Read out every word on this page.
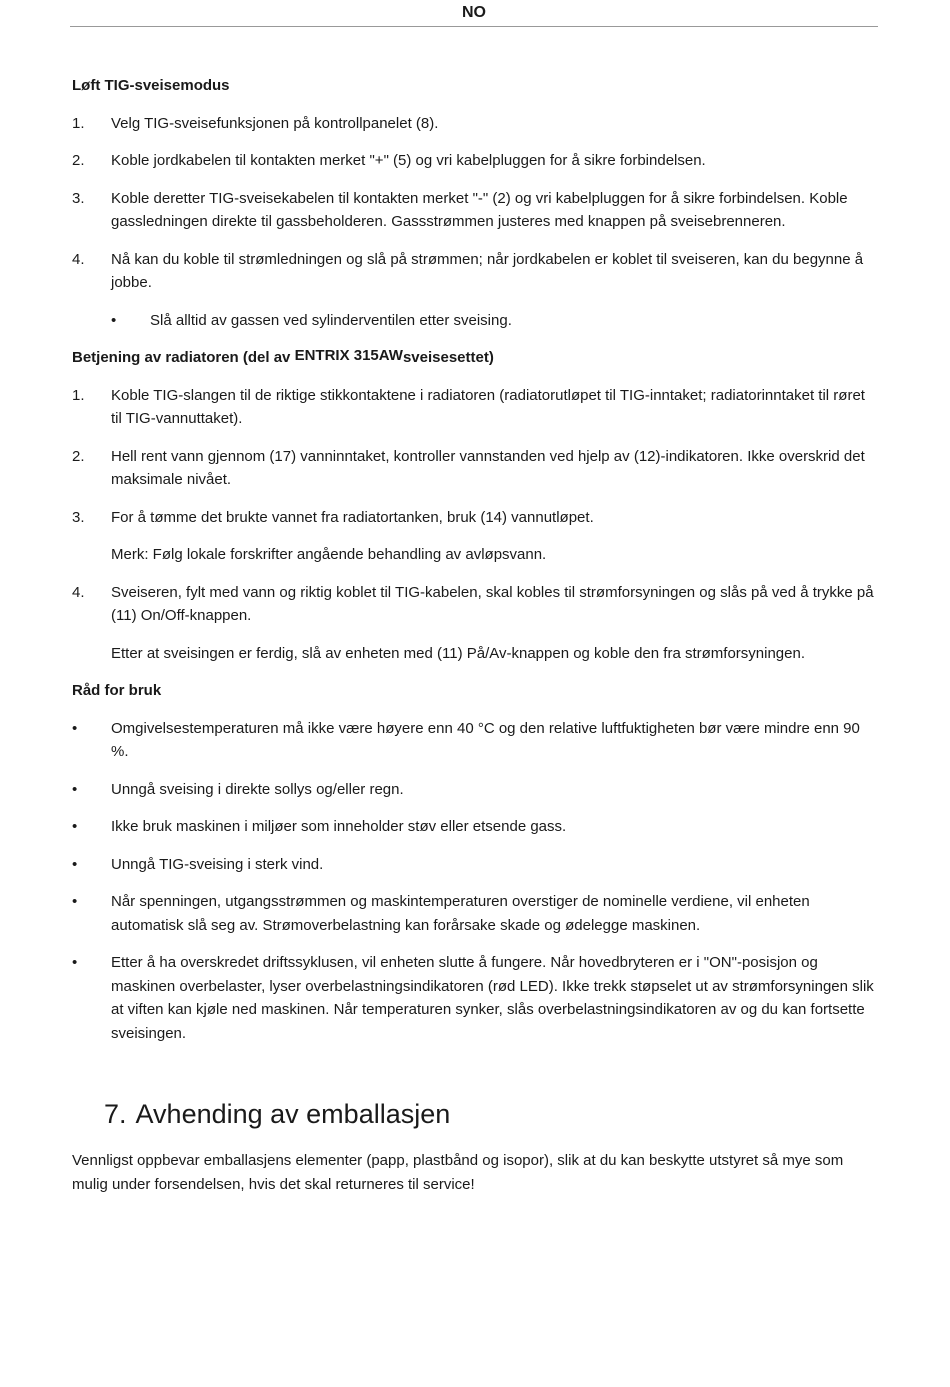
NO
Løft TIG-sveisemodus
1. Velg TIG-sveisefunksjonen på kontrollpanelet (8).
2. Koble jordkabelen til kontakten merket "+" (5) og vri kabelpluggen for å sikre forbindelsen.
3. Koble deretter TIG-sveisekabelen til kontakten merket "-" (2) og vri kabelpluggen for å sikre forbindelsen. Koble gassledningen direkte til gassbeholderen. Gassstrømmen justeres med knappen på sveisebrenneren.
4. Nå kan du koble til strømledningen og slå på strømmen; når jordkabelen er koblet til sveiseren, kan du begynne å jobbe.
• Slå alltid av gassen ved sylinderventilen etter sveising.
Betjening av radiatoren (del av ENTRIX 315AWsveisesettet)
1. Koble TIG-slangen til de riktige stikkontaktene i radiatoren (radiatorutløpet til TIG-inntaket; radiatorinntaket til røret til TIG-vannuttaket).
2. Hell rent vann gjennom (17) vanninntaket, kontroller vannstanden ved hjelp av (12)-indikatoren. Ikke overskrid det maksimale nivået.
3. For å tømme det brukte vannet fra radiatortanken, bruk (14) vannutløpet.
Merk: Følg lokale forskrifter angående behandling av avløpsvann.
4. Sveiseren, fylt med vann og riktig koblet til TIG-kabelen, skal kobles til strømforsyningen og slås på ved å trykke på (11) On/Off-knappen.
Etter at sveisingen er ferdig, slå av enheten med (11) På/Av-knappen og koble den fra strømforsyningen.
Råd for bruk
• Omgivelsestemperaturen må ikke være høyere enn 40 °C og den relative luftfuktigheten bør være mindre enn 90 %.
• Unngå sveising i direkte sollys og/eller regn.
• Ikke bruk maskinen i miljøer som inneholder støv eller etsende gass.
• Unngå TIG-sveising i sterk vind.
• Når spenningen, utgangsstrømmen og maskintemperaturen overstiger de nominelle verdiene, vil enheten automatisk slå seg av. Strømoverbelastning kan forårsake skade og ødelegge maskinen.
• Etter å ha overskredet driftssyklusen, vil enheten slutte å fungere. Når hovedbryteren er i "ON"-posisjon og maskinen overbelaster, lyser overbelastningsindikatoren (rød LED). Ikke trekk støpselet ut av strømforsyningen slik at viften kan kjøle ned maskinen. Når temperaturen synker, slås overbelastningsindikatoren av og du kan fortsette sveisingen.
7. Avhending av emballasjen

Vennligst oppbevar emballasjens elementer (papp, plastbånd og isopor), slik at du kan beskytte utstyret så mye som mulig under forsendelsen, hvis det skal returneres til service!
